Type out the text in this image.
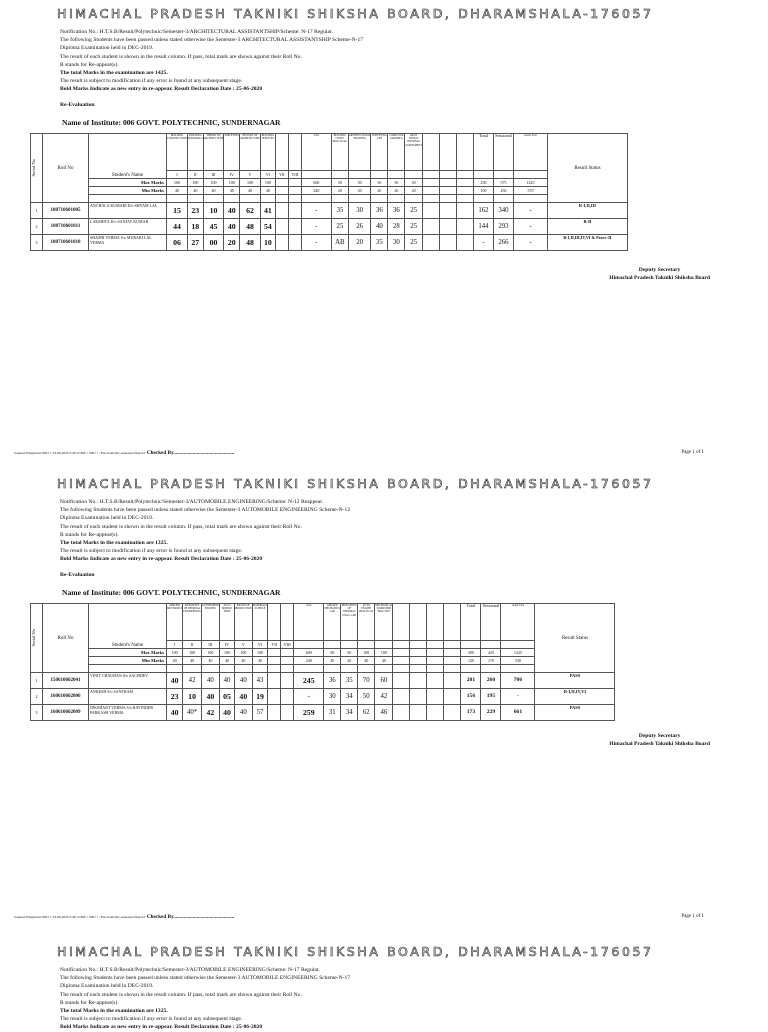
HIMACHAL PRADESH TAKNIKI SHIKSHA BOARD, DHARAMSHALA-176057
Notification No.: H.T.S.B/Result/Polytechnic/Semester-3/ARCHITECTURAL ASSISTANTSHIP/Scheme: N-17 Regular.
The following Students have been passed unless stated otherwise the Semester-3 ARCHITECTURAL ASSISTANTSHIP Scheme-N-17
Diploma Examination held in DEC-2019.
The result of each student is shown in the result column. If pass, total mark are shown against their Roll No.
R stands for Re-appear(s).
The total Marks in the examination are 1425.
The result is subject to modification if any error is found at any subsequent stage.
Bold Marks Indicate as new entry in re-appear. Result Declaration Date : 25-06-2020
Re-Evaluation
Name of Institute: 006 GOVT. POLYTECHNIC, SUNDERNAGAR
Serial No	Roll No	Student's Name	BUILDING CONSTRUCTION	BUILDING MATERIALS	THEORY OF ARCHITECTURE	SURVEYING	HISTORY OF ARCHITECTURE	BUILDING SERVICES			Total	BUILDING CONST. PRACTICAL	ARCHITECTURAL DRAWING	SURVEYING LAB	COMPUTER GRAPHICS	ARCH. DESIGN INTERNAL ASSESSMENT				Total	Sessional	Grand Total	Result Status
			I	II	III	IV	V	VI	VII	VIII													
		Max Marks	100	100	100	100	100	100			600	50	50	50	50	50				250	575	1425	
		Min Marks	40	40	40	40	40	40			240	20	20	20	20	20				100	230	570	

1	180710601005	ANCHALA KUMARI D/o SHYAM LAL	15	23	10	40	62	41			-	35	30	36	36	25				162	340	-	R-I,II,III
2	180710601011	LAKSHITA D/o SANJAY KUMAR	44	18	45	40	48	54			-	25	26	40	28	25				144	293	-	R-II
3	180710601018	SHASHI VERMA S/o MURARI LAL VERMA	06	27	00	20	48	10			-	AB	20	35	30	25				-	266	-	R-I,II,III,IV,VI & Pract.-II
Deputy Secretary
Himachal Pradesh Takniki Shiksha Board
Gajanan Enterprises 0001 > 24-06-2020 2:45:52 PM > 0001 > "Electronically Generated Report" Checked By...............................................	Page 1 of 1
HIMACHAL PRADESH TAKNIKI SHIKSHA BOARD, DHARAMSHALA-176057
Notification No.: H.T.S.B/Result/Polytechnic/Semester-3/AUTOMOBILE ENGINEERING/Scheme: N-12 Reappear.
The following Students have been passed unless stated otherwise the Semester-3 AUTOMOBILE ENGINEERING Scheme-N-12
Diploma Examination held in DEC-2019.
The result of each student is shown in the result column. If pass, total mark are shown against their Roll No.
R stands for Re-appear(s).
The total Marks in the examination are 1325.
The result is subject to modification if any error is found at any subsequent stage.
Bold Marks Indicate as new entry in re-appear. Result Declaration Date : 25-06-2020
Re-Evaluation
Name of Institute: 006 GOVT. POLYTECHNIC, SUNDERNAGAR
Serial No	Roll No	Student's Name	APPLIED MECHANICS	PRINCIPLES OF THERMAL ENGINEERING	AUTOMOBILE ENGINES	AUTO MOBILE SHOP	BASICS OF PRODUCTION	MATERIALS SCIENCE			Total	APPLIED MECHANICS LAB	PRINCIPLES OF THERMAL ENGG. LAB	AUTO ENGINE PRACTICAL	MECHANICAL WORKSHOP PRACTICE					Total	Sessional	Grand Total	Result Status
			I	II	III	IV	V	VI	VII	VIII													
		Max Marks	100	100	100	100	100	100			600	50	50	100	100					300	425	1325	
		Min Marks	40	40	40	40	40	40			240	20	20	40	40					120	170	530	

1	150610602041	VINIT CHAUHAN S/o SACHDEV	40	42	40	40	40	43			245	36	35	70	60					201	260	706	PASS
2	160610602006	ANKESH S/o SANTRAM	23	10	40	05	40	19			-	30	34	50	42					156	195	-	R-I,II,IV,VI
3	160610602009	DIKSHANT VERMA S/o RAVINDER PARKASH VERMA	40	40*	42	40	40	57			259	31	34	62	46					173	229	661	PASS
Deputy Secretary
Himachal Pradesh Takniki Shiksha Board
Gajanan Enterprises 0001 > 24-06-2020 2:46:13 PM > 0001 > "Electronically Generated Report" Checked By...............................................	Page 1 of 1
HIMACHAL PRADESH TAKNIKI SHIKSHA BOARD, DHARAMSHALA-176057
Notification No.: H.T.S.B/Result/Polytechnic/Semester-3/AUTOMOBILE ENGINEERING/Scheme: N-17 Regular.
The following Students have been passed unless stated otherwise the Semester-3 AUTOMOBILE ENGINEERING Scheme-N-17
Diploma Examination held in DEC-2019.
The result of each student is shown in the result column. If pass, total mark are shown against their Roll No.
R stands for Re-appear(s).
The total Marks in the examination are 1325.
The result is subject to modification if any error is found at any subsequent stage.
Bold Marks Indicate as new entry in re-appear. Result Declaration Date : 25-06-2020
